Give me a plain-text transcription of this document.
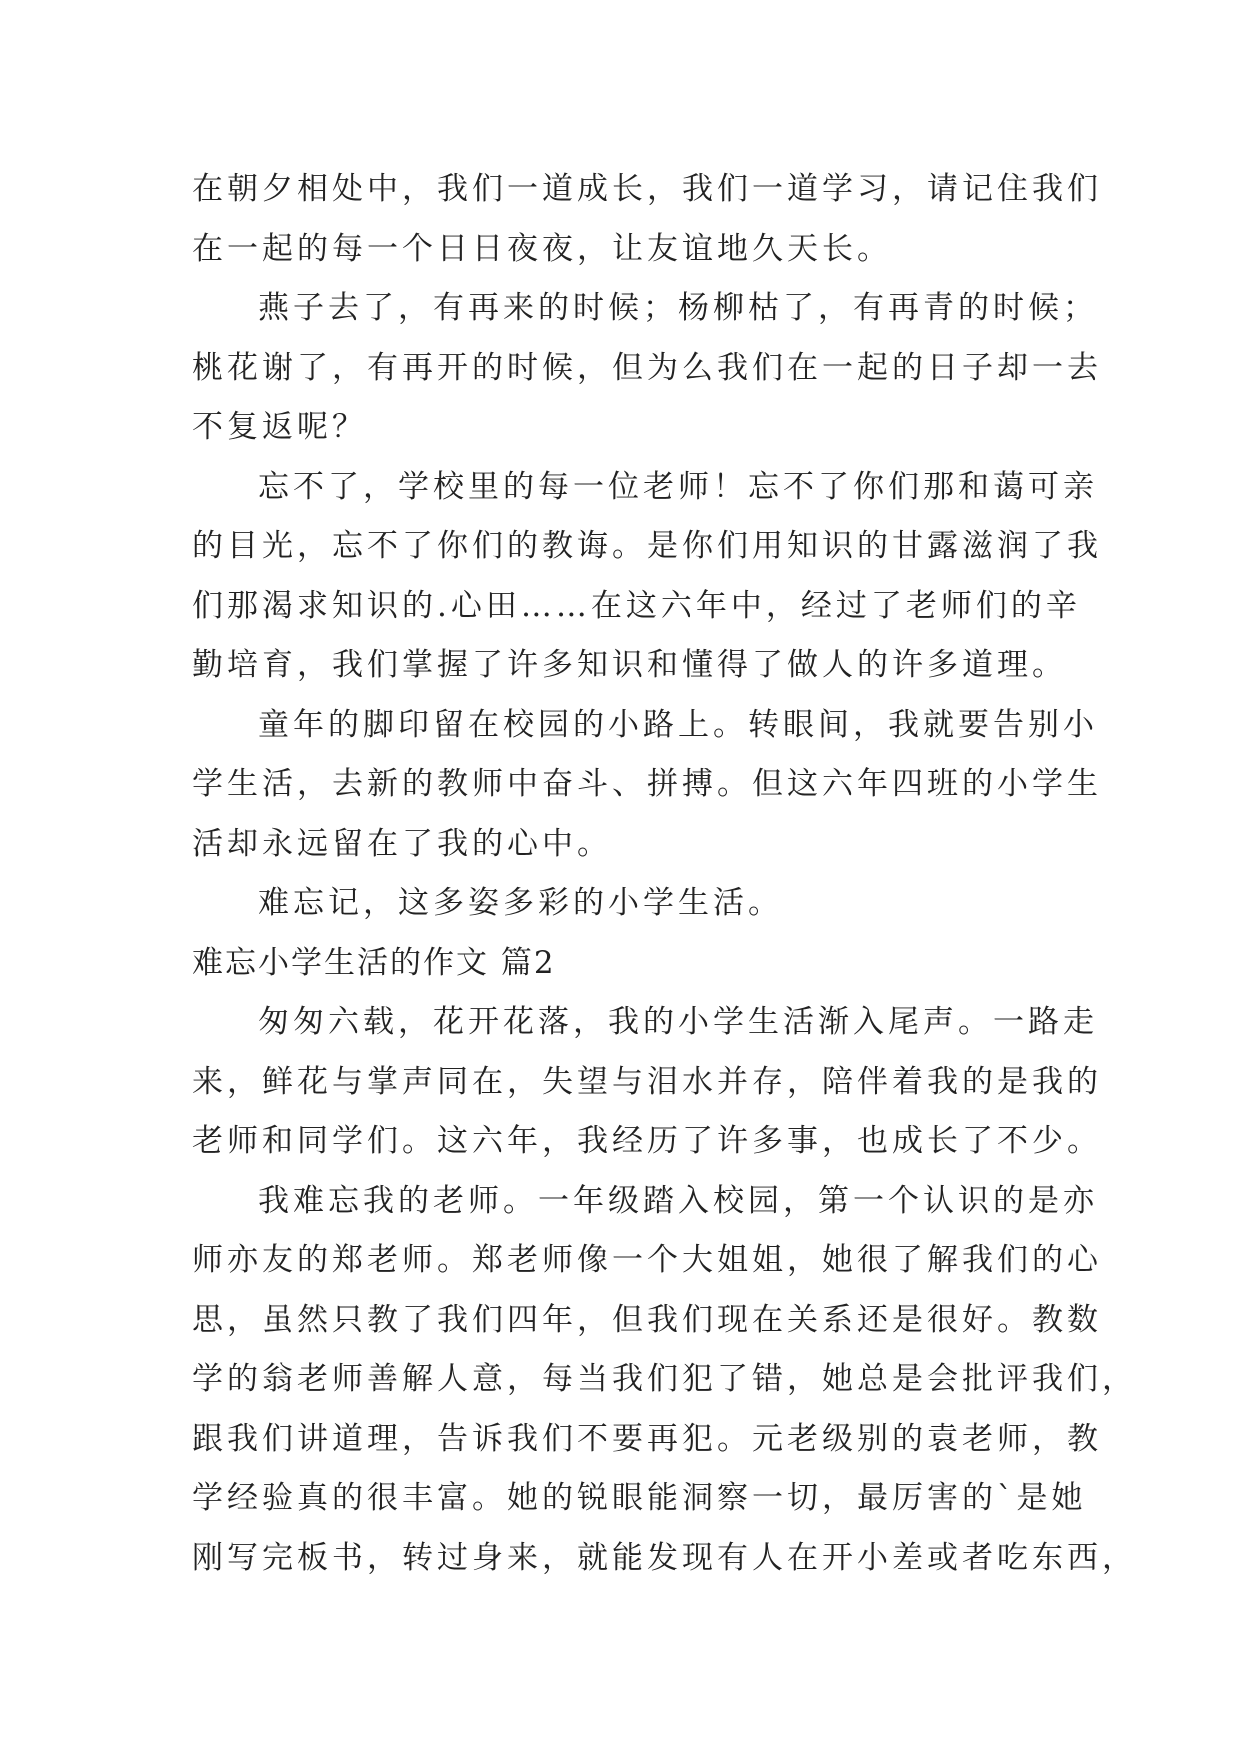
在朝夕相处中，我们一道成长，我们一道学习，请记住我们
在一起的每一个日日夜夜，让友谊地久天长。
燕子去了，有再来的时候；杨柳枯了，有再青的时候；
桃花谢了，有再开的时候，但为么我们在一起的日子却一去
不复返呢？
忘不了，学校里的每一位老师！忘不了你们那和蔼可亲
的目光，忘不了你们的教诲。是你们用知识的甘露滋润了我
们那渴求知识的.心田……在这六年中，经过了老师们的辛
勤培育，我们掌握了许多知识和懂得了做人的许多道理。
童年的脚印留在校园的小路上。转眼间，我就要告别小
学生活，去新的教师中奋斗、拼搏。但这六年四班的小学生
活却永远留在了我的心中。
难忘记，这多姿多彩的小学生活。
难忘小学生活的作文 篇2
匆匆六载，花开花落，我的小学生活渐入尾声。一路走
来，鲜花与掌声同在，失望与泪水并存，陪伴着我的是我的
老师和同学们。这六年，我经历了许多事，也成长了不少。
我难忘我的老师。一年级踏入校园，第一个认识的是亦
师亦友的郑老师。郑老师像一个大姐姐，她很了解我们的心
思，虽然只教了我们四年，但我们现在关系还是很好。教数
学的翁老师善解人意，每当我们犯了错，她总是会批评我们，
跟我们讲道理，告诉我们不要再犯。元老级别的袁老师，教
学经验真的很丰富。她的锐眼能洞察一切，最厉害的`是她
刚写完板书，转过身来，就能发现有人在开小差或者吃东西，
